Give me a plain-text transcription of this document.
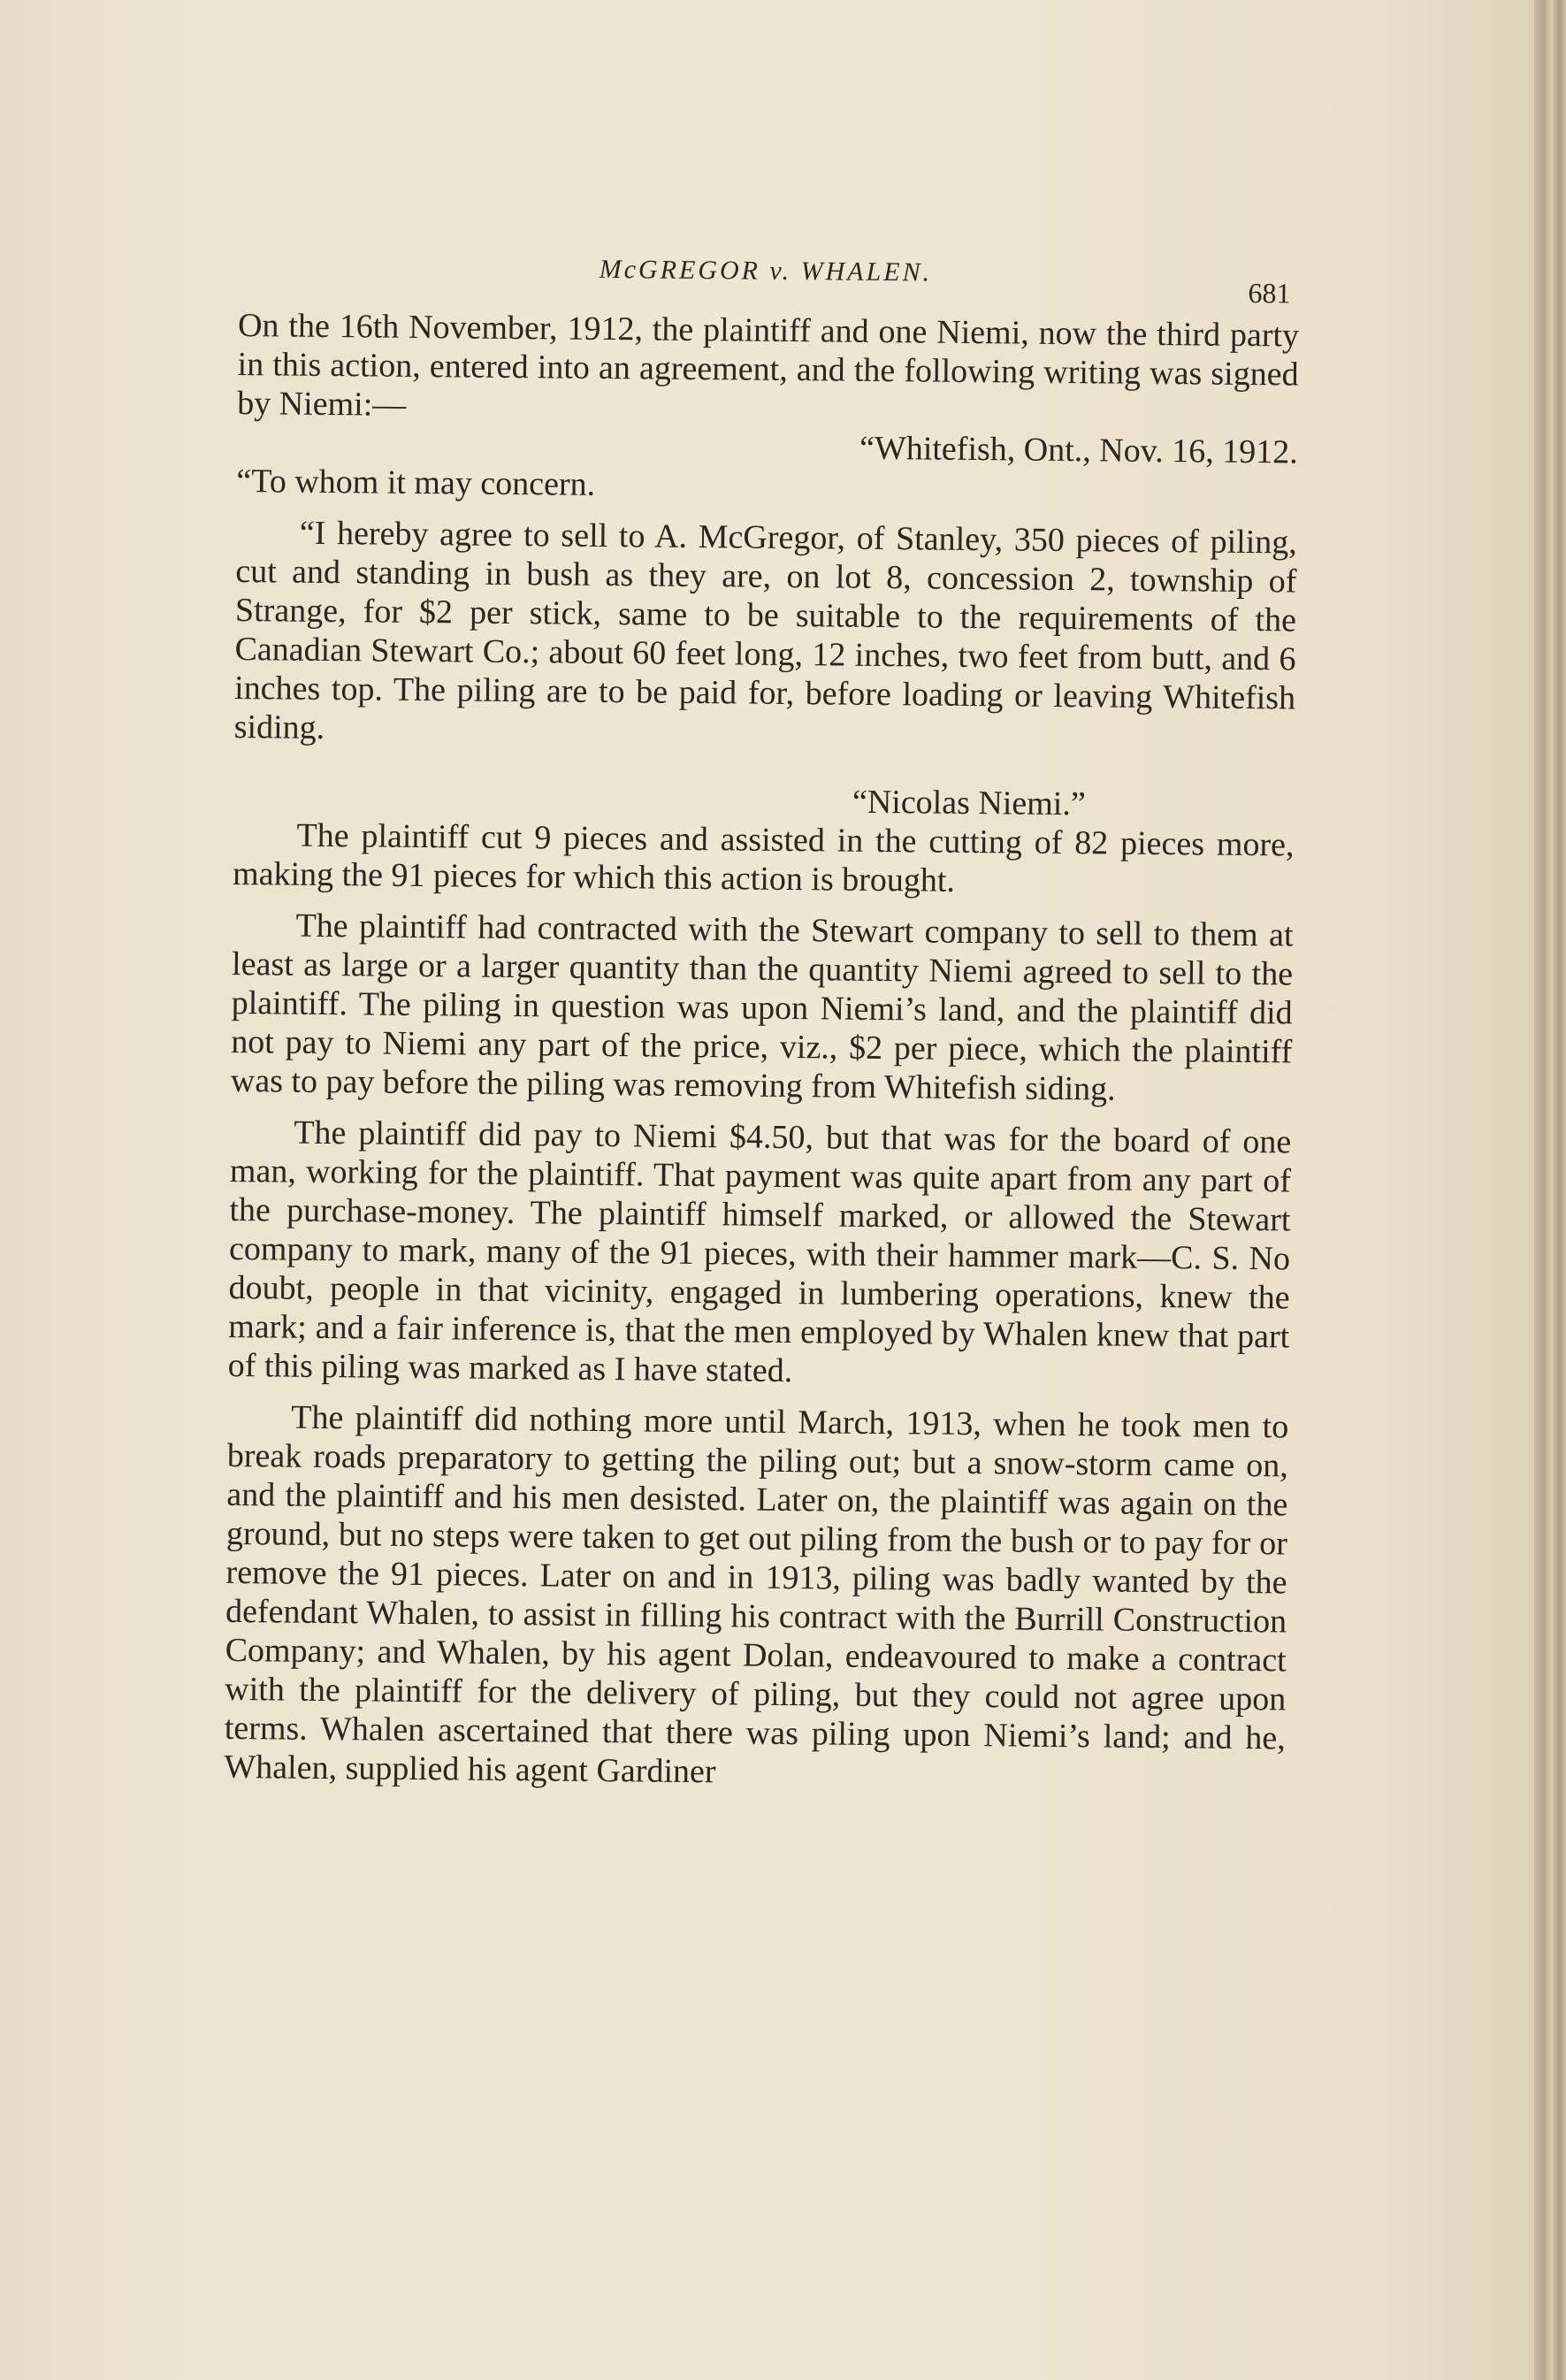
McGREGOR v. WHALEN.
681

On the 16th November, 1912, the plaintiff and one Niemi, now the third party in this action, entered into an agreement, and the following writing was signed by Niemi:—

“Whitefish, Ont., Nov. 16, 1912.

“To whom it may concern.

“I hereby agree to sell to A. McGregor, of Stanley, 350 pieces of piling, cut and standing in bush as they are, on lot 8, concession 2, township of Strange, for $2 per stick, same to be suitable to the requirements of the Canadian Stewart Co.; about 60 feet long, 12 inches, two feet from butt, and 6 inches top. The piling are to be paid for, before loading or leaving Whitefish siding.

“Nicolas Niemi.”

The plaintiff cut 9 pieces and assisted in the cutting of 82 pieces more, making the 91 pieces for which this action is brought.

The plaintiff had contracted with the Stewart company to sell to them at least as large or a larger quantity than the quantity Niemi agreed to sell to the plaintiff. The piling in question was upon Niemi’s land, and the plaintiff did not pay to Niemi any part of the price, viz., $2 per piece, which the plaintiff was to pay before the piling was removing from Whitefish siding.

The plaintiff did pay to Niemi $4.50, but that was for the board of one man, working for the plaintiff. That payment was quite apart from any part of the purchase-money. The plaintiff himself marked, or allowed the Stewart company to mark, many of the 91 pieces, with their hammer mark—C. S. No doubt, people in that vicinity, engaged in lumbering operations, knew the mark; and a fair inference is, that the men employed by Whalen knew that part of this piling was marked as I have stated.

The plaintiff did nothing more until March, 1913, when he took men to break roads preparatory to getting the piling out; but a snow-storm came on, and the plaintiff and his men desisted. Later on, the plaintiff was again on the ground, but no steps were taken to get out piling from the bush or to pay for or remove the 91 pieces. Later on and in 1913, piling was badly wanted by the defendant Whalen, to assist in filling his contract with the Burrill Construction Company; and Whalen, by his agent Dolan, endeavoured to make a contract with the plaintiff for the delivery of piling, but they could not agree upon terms. Whalen ascertained that there was piling upon Niemi’s land; and he, Whalen, supplied his agent Gardiner
